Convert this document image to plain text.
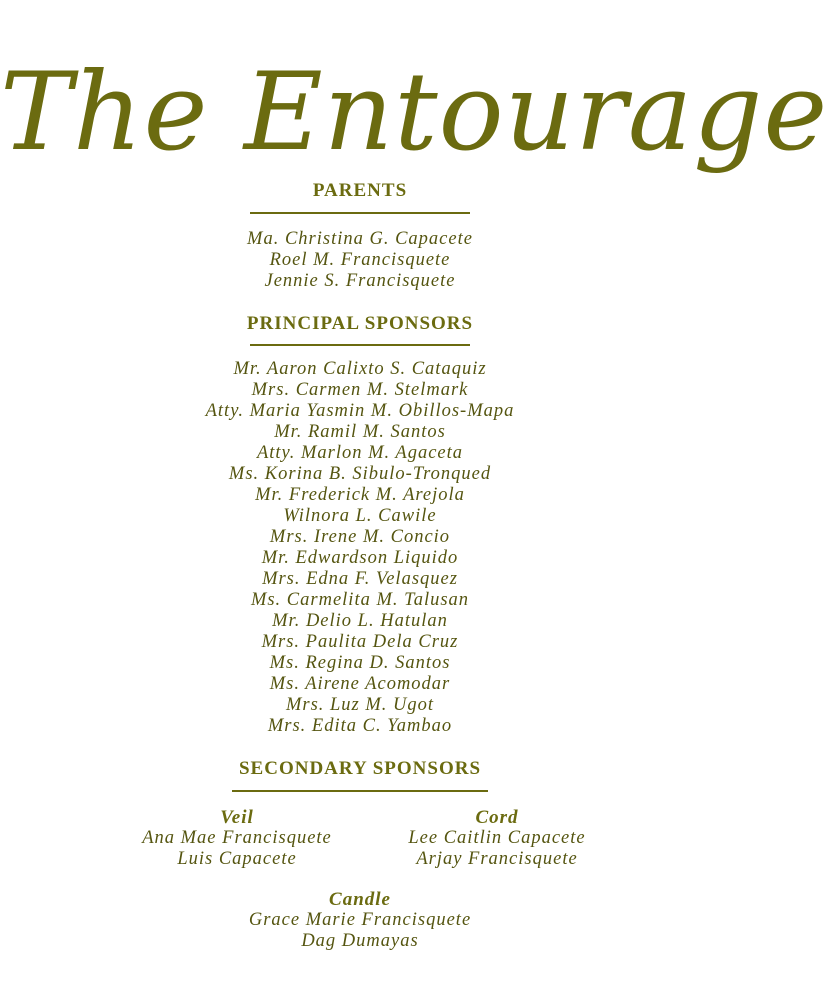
The Entourage
PARENTS
Ma. Christina G. Capacete
Roel M. Francisquete
Jennie S. Francisquete
PRINCIPAL SPONSORS
Mr. Aaron Calixto S. Cataquiz
Mrs. Carmen M. Stelmark
Atty. Maria Yasmin M. Obillos-Mapa
Mr. Ramil M. Santos
Atty. Marlon M. Agaceta
Ms. Korina B. Sibulo-Tronqued
Mr. Frederick M. Arejola
Wilnora L. Cawile
Mrs. Irene M. Concio
Mr. Edwardson Liquido
Mrs. Edna F. Velasquez
Ms. Carmelita M. Talusan
Mr. Delio L. Hatulan
Mrs. Paulita Dela Cruz
Ms. Regina D. Santos
Ms. Airene Acomodar
Mrs. Luz M. Ugot
Mrs. Edita C. Yambao
SECONDARY SPONSORS
Veil
Ana Mae Francisquete
Luis Capacete
Cord
Lee Caitlin Capacete
Arjay Francisquete
Candle
Grace Marie Francisquete
Dag Dumayas
